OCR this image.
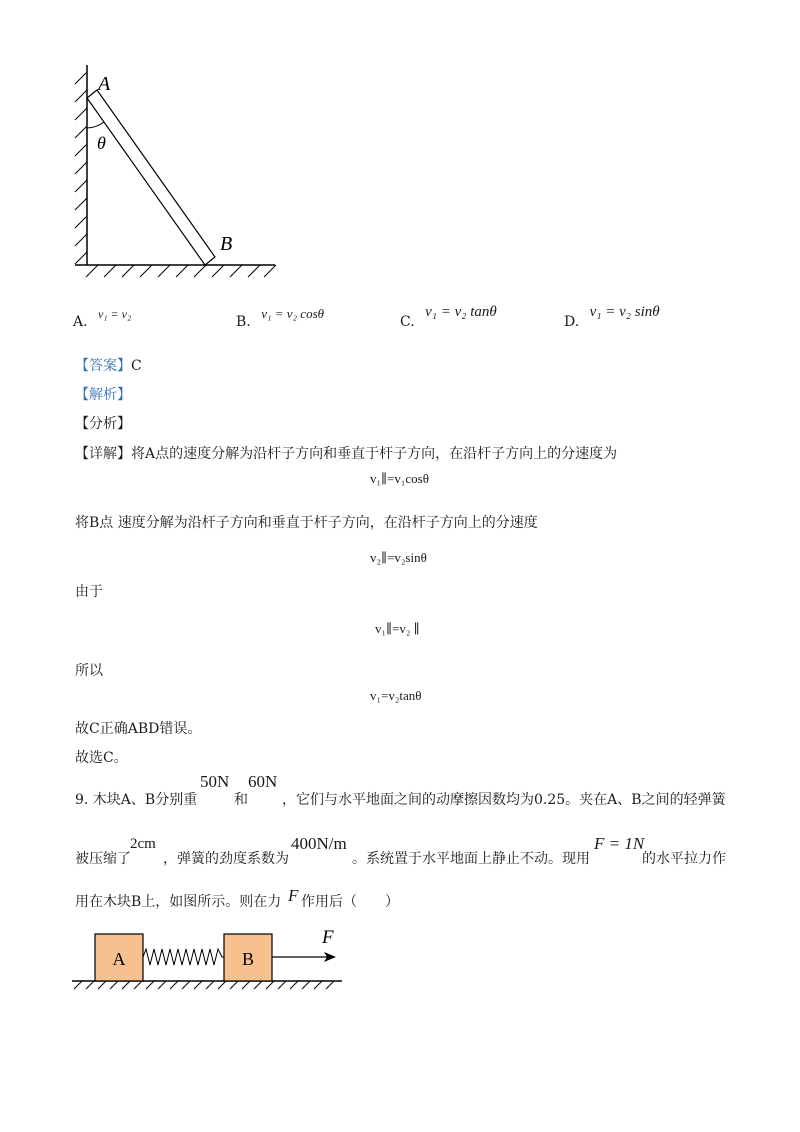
A
θ
B
A. v₁ = v₂	B. v₁ = v₂ cosθ
C. v₁ = v₂ tanθ
D. v₁ = v₂ sinθ
【答案】C
【解析】
【分析】
【详解】将A点的速度分解为沿杆子方向和垂直于杆子方向，在沿杆子方向上的分速度为
v₁∥=v₁cosθ
将B点 速度分解为沿杆子方向和垂直于杆子方向，在沿杆子方向上的分速度
v₂∥=v₂sinθ
由于
v₁∥=v₂ ∥
所以
v₁=v₂tanθ
故C正确ABD错误。
故选C。
9. 木块A、B分别重
50N
和
60N
，它们与水平地面之间的动摩擦因数均为0.25。夹在A、B之间的轻弹簧
被压缩了
2cm
，弹簧的劲度系数为
400N/m
。系统置于水平地面上静止不动。现用
F = 1N
的水平拉力作
用在木块B上，如图所示。则在力 F 作用后（　　）
A	B
F
